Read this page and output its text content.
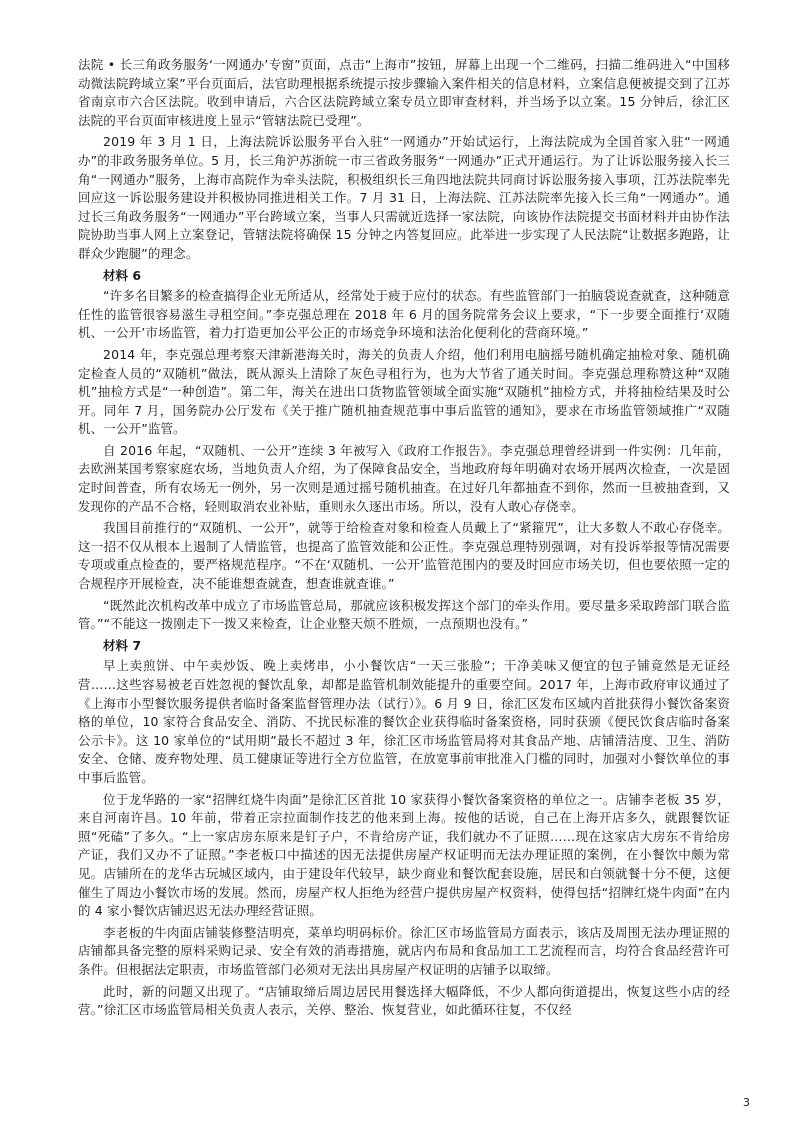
法院 • 长三角政务服务‘一网通办’专窗”页面，点击“上海市”按钮，屏幕上出现一个二维码，扫描二维码进入“中国移动微法院跨域立案”平台页面后，法官助理根据系统提示按步骤输入案件相关的信息材料，立案信息便被提交到了江苏省南京市六合区法院。收到申请后，六合区法院跨域立案专员立即审查材料，并当场予以立案。15 分钟后，徐汇区法院的平台页面审核进度上显示“管辖法院已受理”。

2019 年 3 月 1 日，上海法院诉讼服务平台入驻“一网通办”开始试运行，上海法院成为全国首家入驻“一网通办”的非政务服务单位。5 月，长三角沪苏浙皖一市三省政务服务“一网通办”正式开通运行。为了让诉讼服务接入长三角“一网通办”服务，上海市高院作为牵头法院，积极组织长三角四地法院共同商讨诉讼服务接入事项，江苏法院率先回应这一诉讼服务建设并积极协同推进相关工作。7 月 31 日，上海法院、江苏法院率先接入长三角“一网通办”。通过长三角政务服务“一网通办”平台跨域立案，当事人只需就近选择一家法院，向该协作法院提交书面材料并由协作法院协助当事人网上立案登记，管辖法院将确保 15 分钟之内答复回应。此举进一步实现了人民法院“让数据多跑路，让群众少跑腿”的理念。

材料 6

“许多名目繁多的检查搞得企业无所适从，经常处于疲于应付的状态。有些监管部门一拍脑袋说查就查，这种随意任性的监管很容易滋生寻租空间。”李克强总理在 2018 年 6 月的国务院常务会议上要求，“下一步要全面推行‘双随机、一公开’市场监管，着力打造更加公平公正的市场竞争环境和法治化便利化的营商环境。”

2014 年，李克强总理考察天津新港海关时，海关的负责人介绍，他们利用电脑摇号随机确定抽检对象、随机确定检查人员的“双随机”做法，既从源头上清除了灰色寻租行为，也为大节省了通关时间。李克强总理称赞这种“双随机”抽检方式是“一种创造”。第二年，海关在进出口货物监管领域全面实施“双随机”抽检方式，并将抽检结果及时公开。同年 7 月，国务院办公厅发布《关于推广随机抽查规范事中事后监管的通知》，要求在市场监管领域推广“双随机、一公开”监管。

自 2016 年起，“双随机、一公开”连续 3 年被写入《政府工作报告》。李克强总理曾经讲到一件实例：几年前，去欧洲某国考察家庭农场，当地负责人介绍，为了保障食品安全，当地政府每年明确对农场开展两次检查，一次是固定时间普查，所有农场无一例外，另一次则是通过摇号随机抽查。在过好几年都抽查不到你，然而一旦被抽查到，又发现你的产品不合格，轻则取消农业补贴，重则永久逐出市场。所以，没有人敢心存侥幸。

我国目前推行的“双随机、一公开”，就等于给检查对象和检查人员戴上了“紧箍咒”，让大多数人不敢心存侥幸。这一招不仅从根本上遏制了人情监管，也提高了监管效能和公正性。李克强总理特别强调，对有投诉举报等情况需要专项或重点检查的，要严格规范程序。“不在‘双随机、一公开’监管范围内的要及时回应市场关切，但也要依照一定的合规程序开展检查，决不能谁想查就查，想查谁就查谁。”

“既然此次机构改革中成立了市场监管总局，那就应该积极发挥这个部门的牵头作用。要尽量多采取跨部门联合监管。”“不能这一拨刚走下一拨又来检查，让企业整天烦不胜烦，一点预期也没有。”

材料 7

早上卖煎饼、中午卖炒饭、晚上卖烤串，小小餐饮店“一天三张脸”；干净美味又便宜的包子铺竟然是无证经营……这些容易被老百姓忽视的餐饮乱象，却都是监管机制效能提升的重要空间。2017 年，上海市政府审议通过了《上海市小型餐饮服务提供者临时备案监督管理办法（试行）》。6 月 9 日，徐汇区发布区域内首批获得小餐饮备案资格的单位，10 家符合食品安全、消防、不扰民标准的餐饮企业获得临时备案资格，同时获颁《便民饮食店临时备案公示卡》。这 10 家单位的“试用期”最长不超过 3 年，徐汇区市场监管局将对其食品产地、店铺清洁度、卫生、消防安全、仓储、废弃物处理、员工健康证等进行全方位监管，在放宽事前审批准入门槛的同时，加强对小餐饮单位的事中事后监管。

位于龙华路的一家“招牌红烧牛肉面”是徐汇区首批 10 家获得小餐饮备案资格的单位之一。店铺李老板 35 岁，来自河南许昌。10 年前，带着正宗拉面制作技艺的他来到上海。按他的话说，自己在上海开店多久，就跟餐饮证照“死磕”了多久。“上一家店房东原来是钉子户，不肯给房产证，我们就办不了证照……现在这家店大房东不肯给房产证，我们又办不了证照。”李老板口中描述的因无法提供房屋产权证明而无法办理证照的案例，在小餐饮中颇为常见。店铺所在的龙华古玩城区域内，由于建设年代较早，缺少商业和餐饮配套设施，居民和白领就餐十分不便，这便催生了周边小餐饮市场的发展。然而，房屋产权人拒绝为经营户提供房屋产权资料，使得包括“招牌红烧牛肉面”在内的 4 家小餐饮店铺迟迟无法办理经营证照。

李老板的牛肉面店铺装修整洁明亮，菜单均明码标价。徐汇区市场监管局方面表示，该店及周围无法办理证照的店铺都具备完整的原料采购记录、安全有效的消毒措施，就店内布局和食品加工工艺流程而言，均符合食品经营许可条件。但根据法定职责，市场监管部门必须对无法出具房屋产权证明的店铺予以取缔。

此时，新的问题又出现了。“店铺取缔后周边居民用餐选择大幅降低，不少人都向街道提出，恢复这些小店的经营。”徐汇区市场监管局相关负责人表示，关停、整治、恢复营业，如此循环往复，不仅经

3
